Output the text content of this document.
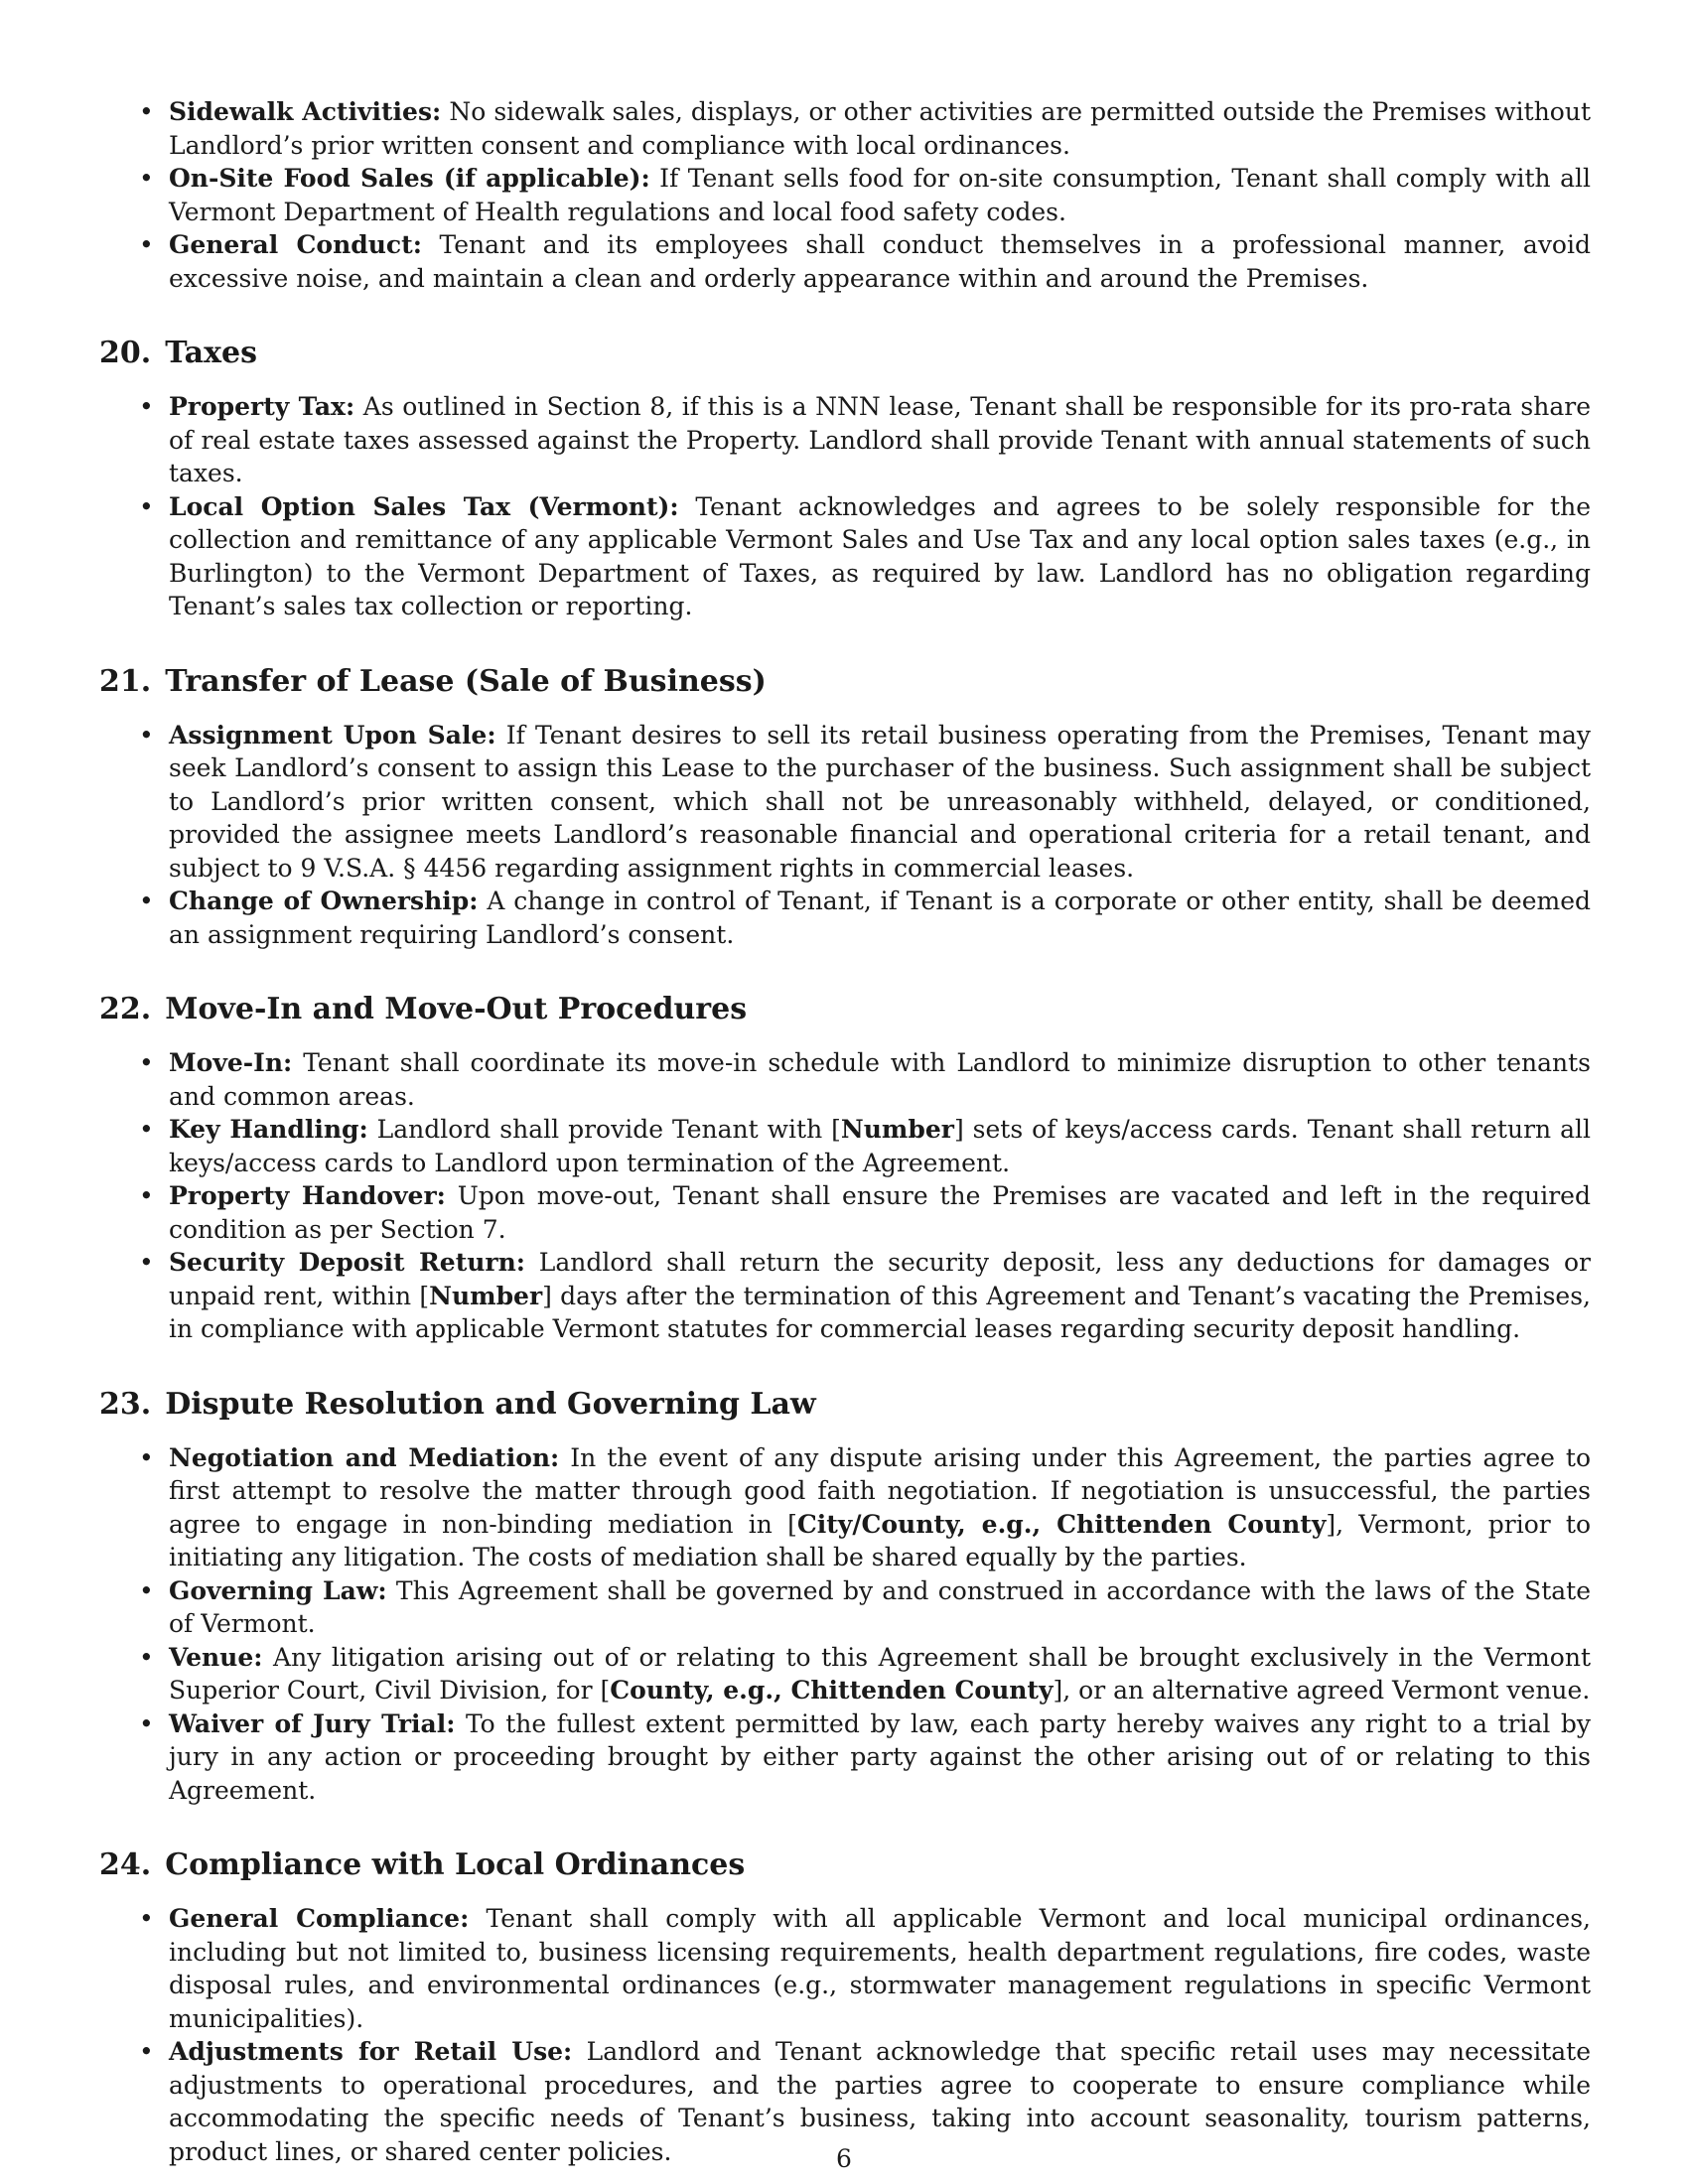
• Sidewalk Activities: No sidewalk sales, displays, or other activities are permitted outside the Premises without Landlord’s prior written consent and compliance with local ordinances.
• On-Site Food Sales (if applicable): If Tenant sells food for on-site consumption, Tenant shall comply with all Vermont Department of Health regulations and local food safety codes.
• General Conduct: Tenant and its employees shall conduct themselves in a professional manner, avoid excessive noise, and maintain a clean and orderly appearance within and around the Premises.
20. Taxes
• Property Tax: As outlined in Section 8, if this is a NNN lease, Tenant shall be responsible for its pro-rata share of real estate taxes assessed against the Property. Landlord shall provide Tenant with annual statements of such taxes.
• Local Option Sales Tax (Vermont): Tenant acknowledges and agrees to be solely responsible for the collection and remittance of any applicable Vermont Sales and Use Tax and any local option sales taxes (e.g., in Burlington) to the Vermont Department of Taxes, as required by law. Landlord has no obligation regarding Tenant’s sales tax collection or reporting.
21. Transfer of Lease (Sale of Business)
• Assignment Upon Sale: If Tenant desires to sell its retail business operating from the Premises, Tenant may seek Landlord’s consent to assign this Lease to the purchaser of the business. Such assignment shall be subject to Landlord’s prior written consent, which shall not be unreasonably withheld, delayed, or conditioned, provided the assignee meets Landlord’s reasonable financial and operational criteria for a retail tenant, and subject to 9 V.S.A. § 4456 regarding assignment rights in commercial leases.
• Change of Ownership: A change in control of Tenant, if Tenant is a corporate or other entity, shall be deemed an assignment requiring Landlord’s consent.
22. Move-In and Move-Out Procedures
• Move-In: Tenant shall coordinate its move-in schedule with Landlord to minimize disruption to other tenants and common areas.
• Key Handling: Landlord shall provide Tenant with [Number] sets of keys/access cards. Tenant shall return all keys/access cards to Landlord upon termination of the Agreement.
• Property Handover: Upon move-out, Tenant shall ensure the Premises are vacated and left in the required condition as per Section 7.
• Security Deposit Return: Landlord shall return the security deposit, less any deductions for damages or unpaid rent, within [Number] days after the termination of this Agreement and Tenant’s vacating the Premises, in compliance with applicable Vermont statutes for commercial leases regarding security deposit handling.
23. Dispute Resolution and Governing Law
• Negotiation and Mediation: In the event of any dispute arising under this Agreement, the parties agree to first attempt to resolve the matter through good faith negotiation. If negotiation is unsuccessful, the parties agree to engage in non-binding mediation in [City/County, e.g., Chittenden County], Vermont, prior to initiating any litigation. The costs of mediation shall be shared equally by the parties.
• Governing Law: This Agreement shall be governed by and construed in accordance with the laws of the State of Vermont.
• Venue: Any litigation arising out of or relating to this Agreement shall be brought exclusively in the Vermont Superior Court, Civil Division, for [County, e.g., Chittenden County], or an alternative agreed Vermont venue.
• Waiver of Jury Trial: To the fullest extent permitted by law, each party hereby waives any right to a trial by jury in any action or proceeding brought by either party against the other arising out of or relating to this Agreement.
24. Compliance with Local Ordinances
• General Compliance: Tenant shall comply with all applicable Vermont and local municipal ordinances, including but not limited to, business licensing requirements, health department regulations, fire codes, waste disposal rules, and environmental ordinances (e.g., stormwater management regulations in specific Vermont municipalities).
• Adjustments for Retail Use: Landlord and Tenant acknowledge that specific retail uses may necessitate adjustments to operational procedures, and the parties agree to cooperate to ensure compliance while accommodating the specific needs of Tenant’s business, taking into account seasonality, tourism patterns, product lines, or shared center policies.	6
